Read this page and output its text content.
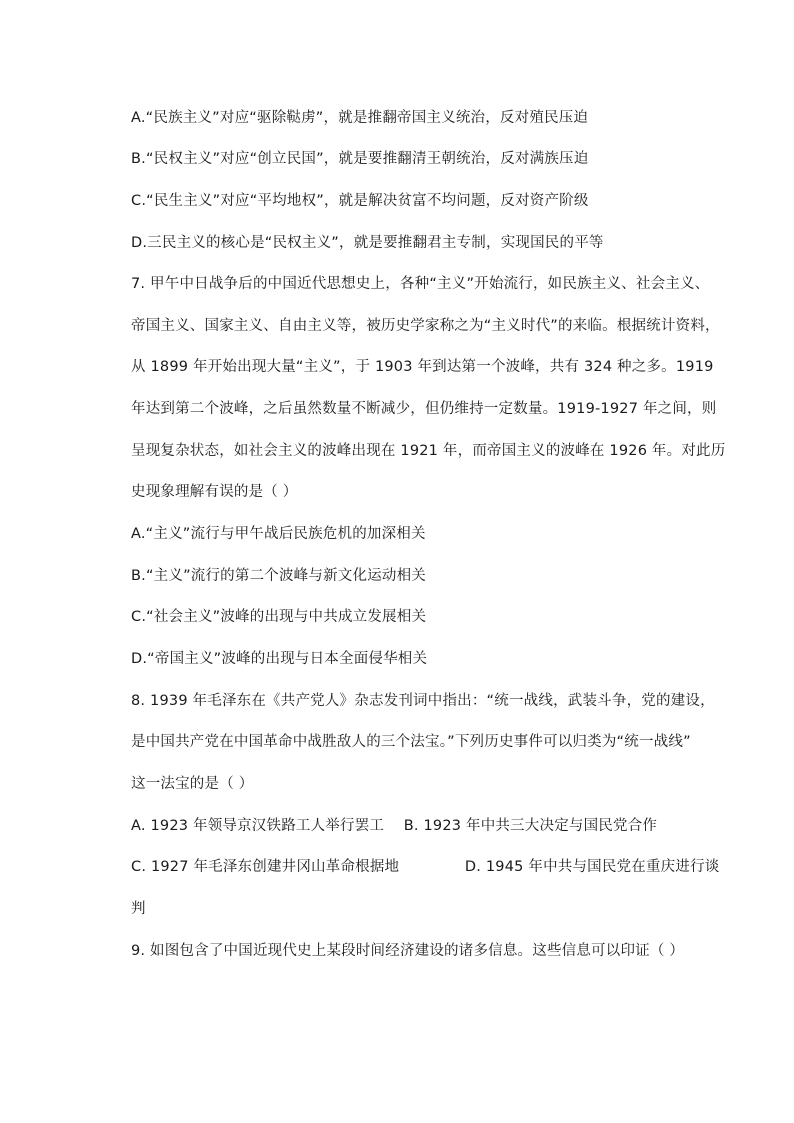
A.“民族主义”对应“驱除鞑虏”，就是推翻帝国主义统治，反对殖民压迫
B.“民权主义”对应“创立民国”，就是要推翻清王朝统治，反对满族压迫
C.“民生主义”对应“平均地权”，就是解决贫富不均问题，反对资产阶级
D.三民主义的核心是“民权主义”，就是要推翻君主专制，实现国民的平等
7. 甲午中日战争后的中国近代思想史上，各种“主义”开始流行，如民族主义、社会主义、
帝国主义、国家主义、自由主义等，被历史学家称之为“主义时代”的来临。根据统计资料，
从 1899 年开始出现大量“主义”，于 1903 年到达第一个波峰，共有 324 种之多。1919
年达到第二个波峰，之后虽然数量不断减少，但仍维持一定数量。1919-1927 年之间，则
呈现复杂状态，如社会主义的波峰出现在 1921 年，而帝国主义的波峰在 1926 年。对此历
史现象理解有误的是（ ）
A.“主义”流行与甲午战后民族危机的加深相关
B.“主义”流行的第二个波峰与新文化运动相关
C.“社会主义”波峰的出现与中共成立发展相关
D.“帝国主义”波峰的出现与日本全面侵华相关
8. 1939 年毛泽东在《共产党人》杂志发刊词中指出：“统一战线，武装斗争，党的建设，
是中国共产党在中国革命中战胜敌人的三个法宝。”下列历史事件可以归类为“统一战线”
这一法宝的是（ ）
A. 1923 年领导京汉铁路工人举行罢工 B. 1923 年中共三大决定与国民党合作
C. 1927 年毛泽东创建井冈山革命根据地	D. 1945 年中共与国民党在重庆进行谈
判
9. 如图包含了中国近现代史上某段时间经济建设的诸多信息。这些信息可以印证（ ）
